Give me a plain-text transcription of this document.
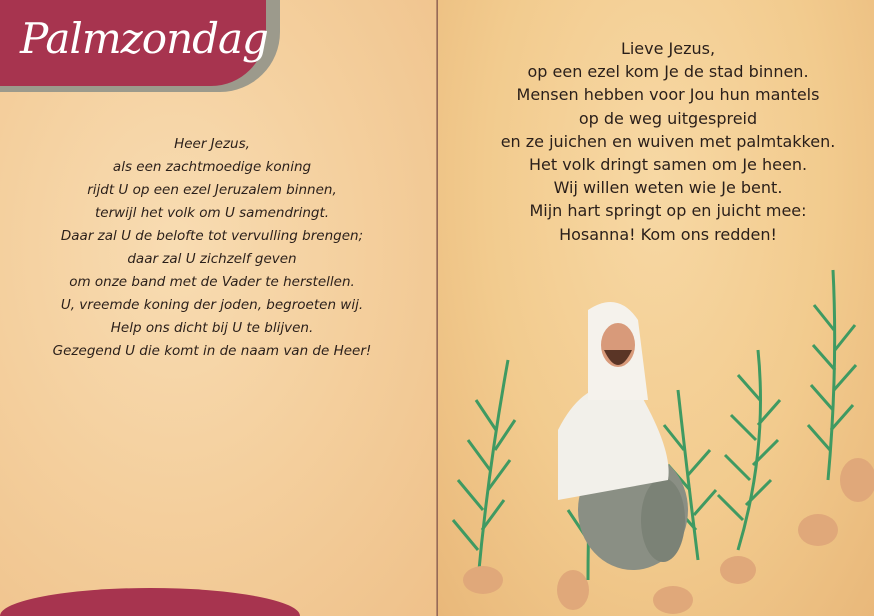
Palmzondag
Heer Jezus,
als een zachtmoedige koning
rijdt U op een ezel Jeruzalem binnen,
terwijl het volk om U samendringt.
Daar zal U de belofte tot vervulling brengen;
daar zal U zichzelf geven
om onze band met de Vader te herstellen.
U, vreemde koning der joden, begroeten wij.
Help ons dicht bij U te blijven.
Gezegend U die komt in de naam van de Heer!
Lieve Jezus,
op een ezel kom Je de stad binnen.
Mensen hebben voor Jou hun mantels
op de weg uitgespreid
en ze juichen en wuiven met palmtakken.
Het volk dringt samen om Je heen.
Wij willen weten wie Je bent.
Mijn hart springt op en juicht mee:
Hosanna! Kom ons redden!
